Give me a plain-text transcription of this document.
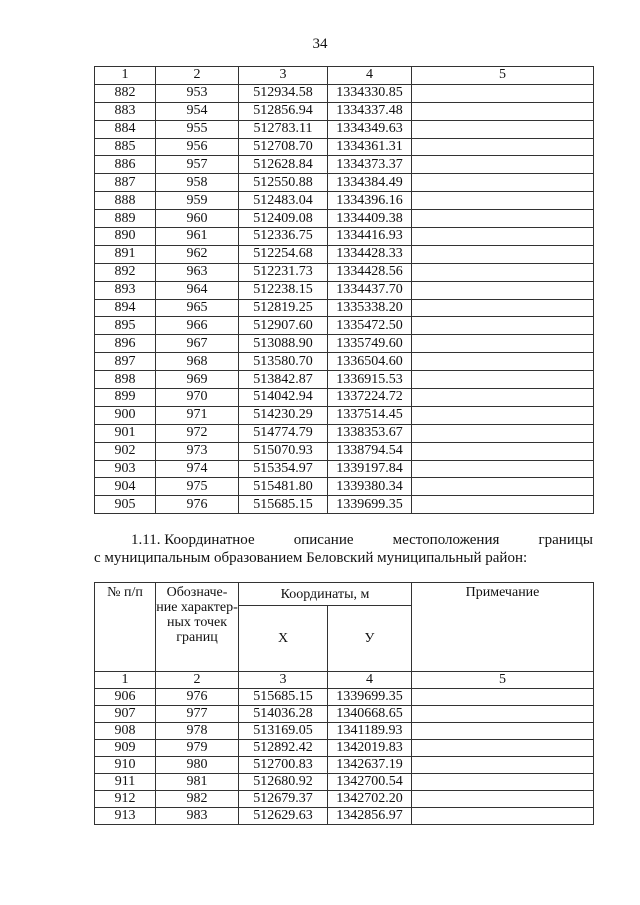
34
1	2	3	4	5
882	953	512934.58	1334330.85	
883	954	512856.94	1334337.48	
884	955	512783.11	1334349.63	
885	956	512708.70	1334361.31	
886	957	512628.84	1334373.37	
887	958	512550.88	1334384.49	
888	959	512483.04	1334396.16	
889	960	512409.08	1334409.38	
890	961	512336.75	1334416.93	
891	962	512254.68	1334428.33	
892	963	512231.73	1334428.56	
893	964	512238.15	1334437.70	
894	965	512819.25	1335338.20	
895	966	512907.60	1335472.50	
896	967	513088.90	1335749.60	
897	968	513580.70	1336504.60	
898	969	513842.87	1336915.53	
899	970	514042.94	1337224.72	
900	971	514230.29	1337514.45	
901	972	514774.79	1338353.67	
902	973	515070.93	1338794.54	
903	974	515354.97	1339197.84	
904	975	515481.80	1339380.34	
905	976	515685.15	1339699.35	
1.11. Координатное	описание	местоположения	границы
с муниципальным образованием Беловский муниципальный район:
№ п/п	Обозначе-ние характер-ных точек границ	Координаты, м		Примечание
		X	У	
1	2	3	4	5
906	976	515685.15	1339699.35	
907	977	514036.28	1340668.65	
908	978	513169.05	1341189.93	
909	979	512892.42	1342019.83	
910	980	512700.83	1342637.19	
911	981	512680.92	1342700.54	
912	982	512679.37	1342702.20	
913	983	512629.63	1342856.97	
